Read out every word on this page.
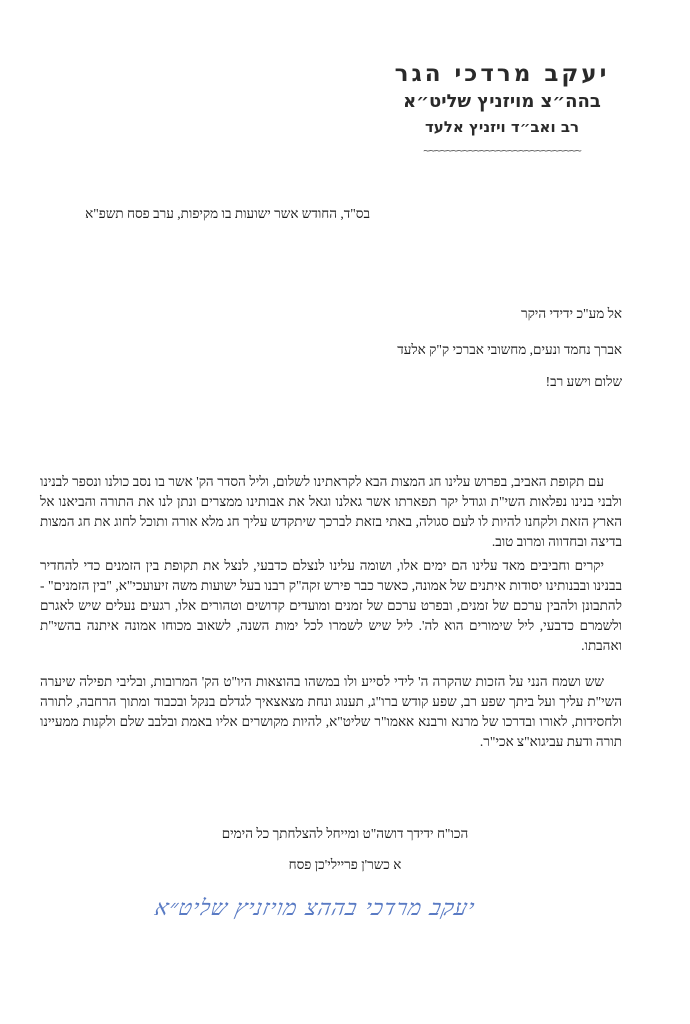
יעקב מרדכי הגר
בהה״צ מויזניץ שליט״א
רב ואב״ד ויזניץ אלעד
~~~~~~~~~~~~~~~~~~~~~~~~~~~~
בס"ד, החודש אשר ישועות בו מקיפות, ערב פסח תשפ"א
אל מע"כ ידידי היקר
אברך נחמד ונעים, מחשובי אברכי ק"ק אלעד
שלום וישע רב!

עם תקופת האביב, בפרוש עלינו חג המצות הבא לקראתינו לשלום, וליל הסדר הק' אשר בו נסב כולנו ונספר לבנינו ולבני בנינו נפלאות השי"ת וגודל יקר תפארתו אשר גאלנו וגאל את אבותינו ממצרים ונתן לנו את התורה והביאנו אל הארץ הזאת ולקחנו להיות לו לעם סגולה, באתי בזאת לברכך שיתקדש עליך חג מלא אורה ותוכל לחוג את חג המצות בדיצה ובחדווה ומרוב טוב.

יקרים וחביבים מאד עלינו הם ימים אלו, ושומה עלינו לנצלם כדבעי, לנצל את תקופת בין הזמנים כדי להחדיר בבנינו ובבנותינו יסודות איתנים של אמונה, כאשר כבר פירש זקה"ק רבנו בעל ישועות משה זיעועכי"א, "בין הזמנים" - להתבונן ולהבין ערכם של זמנים, ובפרט ערכם של זמנים ומועדים קדושים וטהורים אלו, רגעים נעלים שיש לאגרם ולשמרם כדבעי, ליל שימורים הוא לה'. ליל שיש לשמרו לכל ימות השנה, לשאוב מכוחו אמונה איתנה בהשי"ת ואהבתו.

שש ושמח הנני על הזכות שהקרה ה' לידי לסייע ולו במשהו בהוצאות היו"ט הק' המרובות, ובליבי תפילה שיערה השי"ת עליך ועל ביתך שפע רב, שפע קודש ברו"ג, תענוג ונחת מצאצאיך לגדלם בנקל ובכבוד ומתוך הרחבה, לתורה ולחסידות, לאורו ובדרכו של מרנא ורבנא אאמו"ר שליט"א, להיות מקושרים אליו באמת ובלבב שלם ולקנות ממעיינו תורה ודעת עביגוא"צ אכי"ר.

הכו"ח ידידך דושה"ט ומייחל להצלחתך כל הימים
א כשר'ן פריילי'כן פסח
יעקב מרדכי בההצ מויזניץ שליט״א
